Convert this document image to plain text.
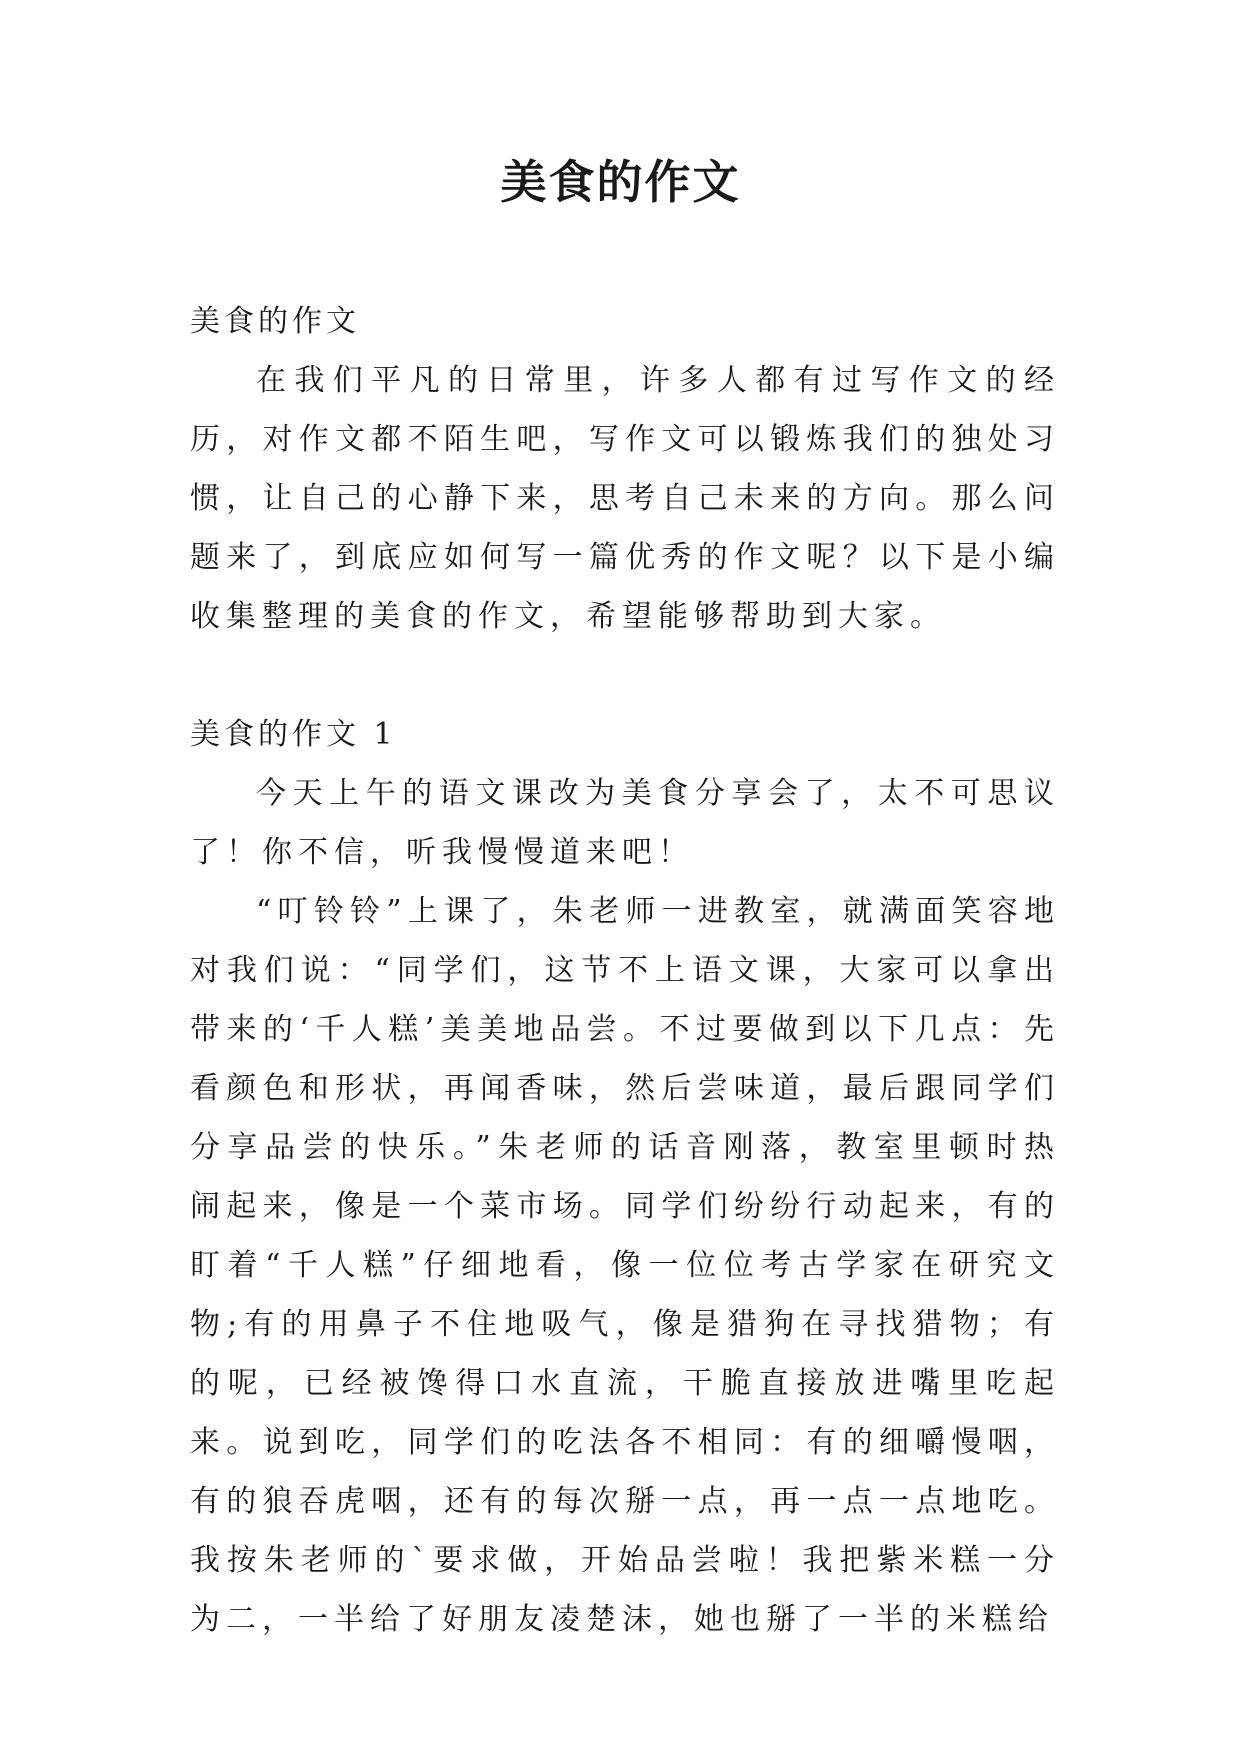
美食的作文

美食的作文

在我们平凡的日常里，许多人都有过写作文的经历，对作文都不陌生吧，写作文可以锻炼我们的独处习惯，让自己的心静下来，思考自己未来的方向。那么问题来了，到底应如何写一篇优秀的作文呢？以下是小编收集整理的美食的作文，希望能够帮助到大家。

美食的作文 1

今天上午的语文课改为美食分享会了，太不可思议了！你不信，听我慢慢道来吧！

“叮铃铃”上课了，朱老师一进教室，就满面笑容地对我们说：“同学们，这节不上语文课，大家可以拿出带来的‘千人糕’美美地品尝。不过要做到以下几点：先看颜色和形状，再闻香味，然后尝味道，最后跟同学们分享品尝的快乐。”朱老师的话音刚落，教室里顿时热闹起来，像是一个菜市场。同学们纷纷行动起来，有的盯着“千人糕”仔细地看，像一位位考古学家在研究文物;有的用鼻子不住地吸气，像是猎狗在寻找猎物；有的呢，已经被馋得口水直流，干脆直接放进嘴里吃起来。说到吃，同学们的吃法各不相同：有的细嚼慢咽，有的狼吞虎咽，还有的每次掰一点，再一点一点地吃。我按朱老师的`要求做，开始品尝啦！我把紫米糕一分为二，一半给了好朋友凌楚沫，她也掰了一半的米糕给
